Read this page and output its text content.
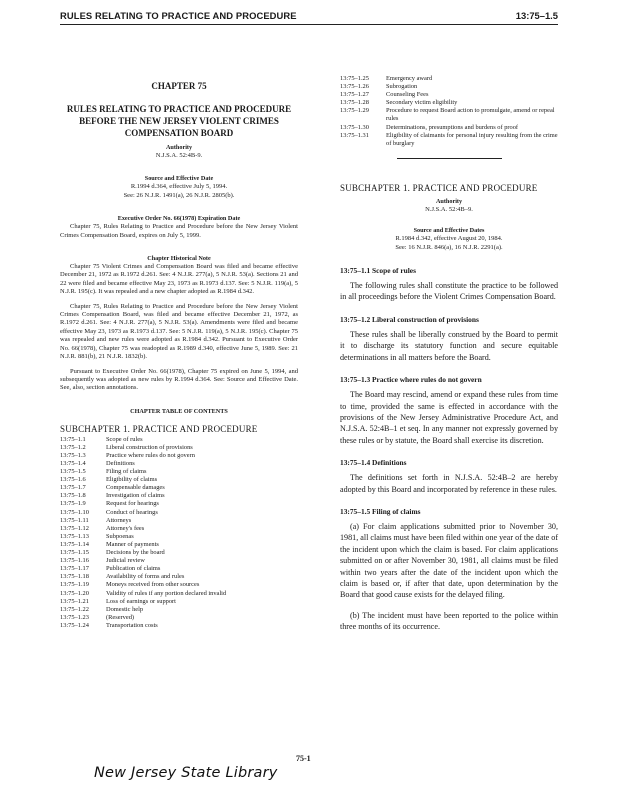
RULES RELATING TO PRACTICE AND PROCEDURE	13:75–1.5
CHAPTER 75
RULES RELATING TO PRACTICE AND PROCEDURE
BEFORE THE NEW JERSEY VIOLENT CRIMES
COMPENSATION BOARD
Authority
N.J.S.A. 52:4B-9.
Source and Effective Date
R.1994 d.364, effective July 5, 1994.
See: 26 N.J.R. 1491(a), 26 N.J.R. 2805(b).
Executive Order No. 66(1978) Expiration Date
Chapter 75, Rules Relating to Practice and Procedure before the New Jersey Violent Crimes Compensation Board, expires on July 5, 1999.
Chapter Historical Note
Chapter 75 Violent Crimes and Compensation Board was filed and became effective December 21, 1972 as R.1972 d.261. See: 4 N.J.R. 277(a), 5 N.J.R. 53(a). Sections 21 and 22 were filed and became effective May 23, 1973 as R.1973 d.137. See: 5 N.J.R. 119(a), 5 N.J.R. 195(c). It was repealed and a new chapter adopted as R.1984 d.342.
Chapter 75, Rules Relating to Practice and Procedure before the New Jersey Violent Crimes Compensation Board, was filed and became effective December 21, 1972, as R.1972 d.261. See: 4 N.J.R. 277(a), 5 N.J.R. 53(a). Amendments were filed and became effective May 23, 1973 as R.1973 d.137. See: 5 N.J.R. 119(a), 5 N.J.R. 195(c). Chapter 75 was repealed and new rules were adopted as R.1984 d.342. Pursuant to Executive Order No. 66(1978), Chapter 75 was readopted as R.1989 d.340, effective June 5, 1989. See: 21 N.J.R. 881(b), 21 N.J.R. 1832(b).
Pursuant to Executive Order No. 66(1978), Chapter 75 expired on June 5, 1994, and subsequently was adopted as new rules by R.1994 d.364. See: Source and Effective Date. See, also, section annotations.
CHAPTER TABLE OF CONTENTS
SUBCHAPTER 1. PRACTICE AND PROCEDURE
13:75–1.1	Scope of rules
13:75–1.2	Liberal construction of provisions
13:75–1.3	Practice where rules do not govern
13:75–1.4	Definitions
13:75–1.5	Filing of claims
13:75–1.6	Eligibility of claims
13:75–1.7	Compensable damages
13:75–1.8	Investigation of claims
13:75–1.9	Request for hearings
13:75–1.10	Conduct of hearings
13:75–1.11	Attorneys
13:75–1.12	Attorney's fees
13:75–1.13	Subpoenas
13:75–1.14	Manner of payments
13:75–1.15	Decisions by the board
13:75–1.16	Judicial review
13:75–1.17	Publication of claims
13:75–1.18	Availability of forms and rules
13:75–1.19	Moneys received from other sources
13:75–1.20	Validity of rules if any portion declared invalid
13:75–1.21	Loss of earnings or support
13:75–1.22	Domestic help
13:75–1.23	(Reserved)
13:75–1.24	Transportation costs
13:75–1.25	Emergency award
13:75–1.26	Subrogation
13:75–1.27	Counseling Fees
13:75–1.28	Secondary victim eligibility
13:75–1.29	Procedure to request Board action to promulgate, amend or repeal rules
13:75–1.30	Determinations, presumptions and burdens of proof
13:75–1.31	Eligibility of claimants for personal injury resulting from the crime of burglary
SUBCHAPTER 1. PRACTICE AND PROCEDURE
Authority
N.J.S.A. 52:4B–9.
Source and Effective Dates
R.1984 d.342, effective August 20, 1984.
See: 16 N.J.R. 846(a), 16 N.J.R. 2291(a).
13:75–1.1 Scope of rules
The following rules shall constitute the practice to be followed in all proceedings before the Violent Crimes Compensation Board.
13:75–1.2 Liberal construction of provisions
These rules shall be liberally construed by the Board to permit it to discharge its statutory function and secure equitable determinations in all matters before the Board.
13:75–1.3 Practice where rules do not govern
The Board may rescind, amend or expand these rules from time to time, provided the same is effected in accordance with the provisions of the New Jersey Administrative Procedure Act, and N.J.S.A. 52:4B–1 et seq. In any manner not expressly governed by these rules or by statute, the Board shall exercise its discretion.
13:75–1.4 Definitions
The definitions set forth in N.J.S.A. 52:4B–2 are hereby adopted by this Board and incorporated by reference in these rules.
13:75–1.5 Filing of claims
(a) For claim applications submitted prior to November 30, 1981, all claims must have been filed within one year of the date of the incident upon which the claim is based. For claim applications submitted on or after November 30, 1981, all claims must be filed within two years after the date of the incident upon which the claim is based or, if after that date, upon determination by the Board that good cause exists for the delayed filing.
(b) The incident must have been reported to the police within three months of its occurrence.
75-1
New Jersey State Library
